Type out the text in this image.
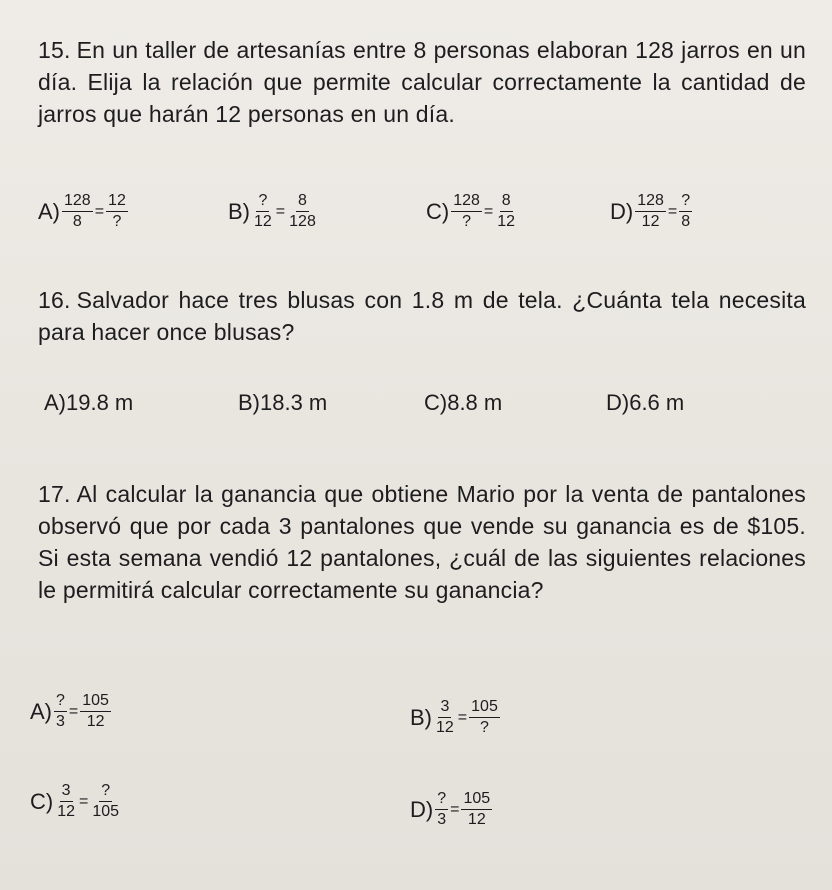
15. En un taller de artesanías entre 8 personas elaboran 128 jarros en un día. Elija la relación que permite calcular correctamente la cantidad de jarros que harán 12 personas en un día.
$A) \frac{128}{8} = \frac{12}{?}$	$B) \frac{?}{12} = \frac{8}{128}$	$C) \frac{128}{?} = \frac{8}{12}$	$D) \frac{128}{12} = \frac{?}{8}$
16. Salvador hace tres blusas con 1.8 m de tela. ¿Cuánta tela necesita para hacer once blusas?
A)19.8 m	B)18.3 m	C)8.8 m	D)6.6 m
17. Al calcular la ganancia que obtiene Mario por la venta de pantalones observó que por cada 3 pantalones que vende su ganancia es de $105. Si esta semana vendió 12 pantalones, ¿cuál de las siguientes relaciones le permitirá calcular correctamente su ganancia?
$A) \frac{?}{3} = \frac{105}{12}$	$B) \frac{3}{12} = \frac{105}{?}$
$C) \frac{3}{12} = \frac{?}{105}$	$D) \frac{?}{3} = \frac{105}{12}$
